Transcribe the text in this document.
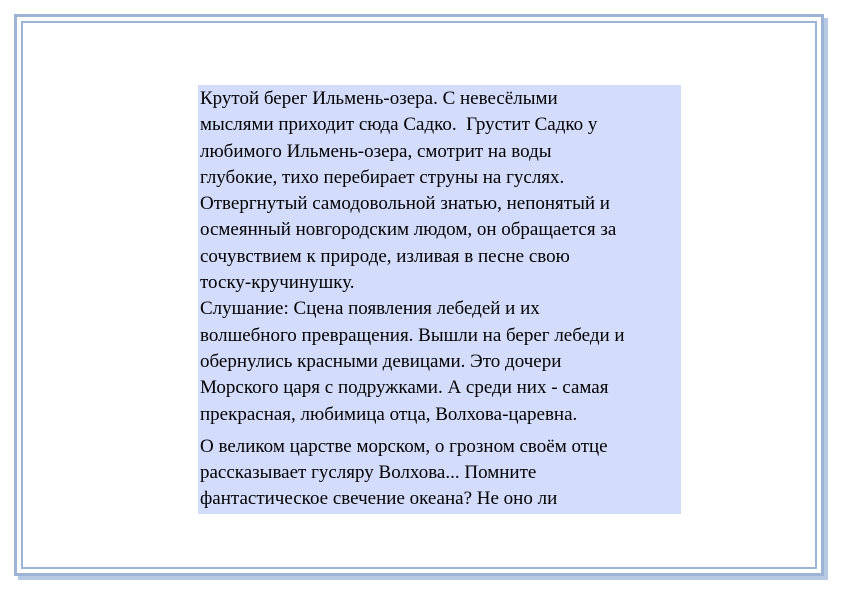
Крутой берег Ильмень-озера. С невесёлыми
мыслями приходит сюда Садко.  Грустит Садко у
любимого Ильмень-озера, смотрит на воды
глубокие, тихо перебирает струны на гуслях.
Отвергнутый самодовольной знатью, непонятый и
осмеянный новгородским людом, он обращается за
сочувствием к природе, изливая в песне свою
тоску-кручинушку.

Слушание: Сцена появления лебедей и их
волшебного превращения. Вышли на берег лебеди и
обернулись красными девицами. Это дочери
Морского царя с подружками. А среди них - самая
прекрасная, любимица отца, Волхова-царевна.

О великом царстве морском, о грозном своём отце
рассказывает гусляру Волхова... Помните
фантастическое свечение океана? Не оно ли
